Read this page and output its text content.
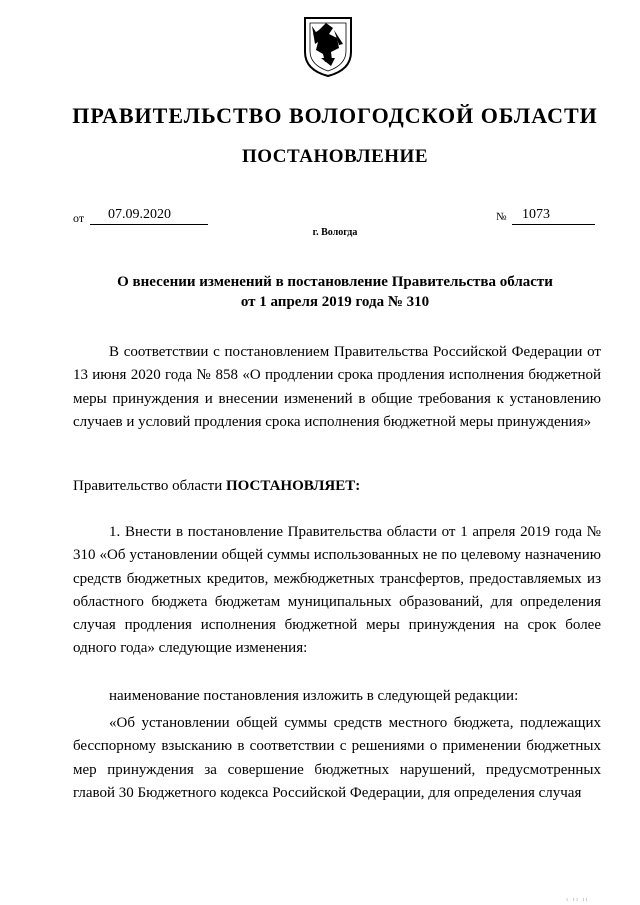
ПРАВИТЕЛЬСТВО ВОЛОГОДСКОЙ ОБЛАСТИ
ПОСТАНОВЛЕНИЕ
от 07.09.2020	№ 1073
г. Вологда
О внесении изменений в постановление Правительства области
от 1 апреля 2019 года № 310
В соответствии с постановлением Правительства Российской Федерации от 13 июня 2020 года № 858 «О продлении срока продления исполнения бюджетной меры принуждения и внесении изменений в общие требования к установлению случаев и условий продления срока исполнения бюджетной меры принуждения»
Правительство области ПОСТАНОВЛЯЕТ:
1. Внести в постановление Правительства области от 1 апреля 2019 года № 310 «Об установлении общей суммы использованных не по целевому назначению средств бюджетных кредитов, межбюджетных трансфертов, предоставляемых из областного бюджета бюджетам муниципальных образований, для определения случая продления исполнения бюджетной меры принуждения на срок более одного года» следующие изменения:
наименование постановления изложить в следующей редакции:
«Об установлении общей суммы средств местного бюджета, подлежащих бесспорному взысканию в соответствии с решениями о применении бюджетных мер принуждения за совершение бюджетных нарушений, предусмотренных главой 30 Бюджетного кодекса Российской Федерации, для определения случая
1 II II
